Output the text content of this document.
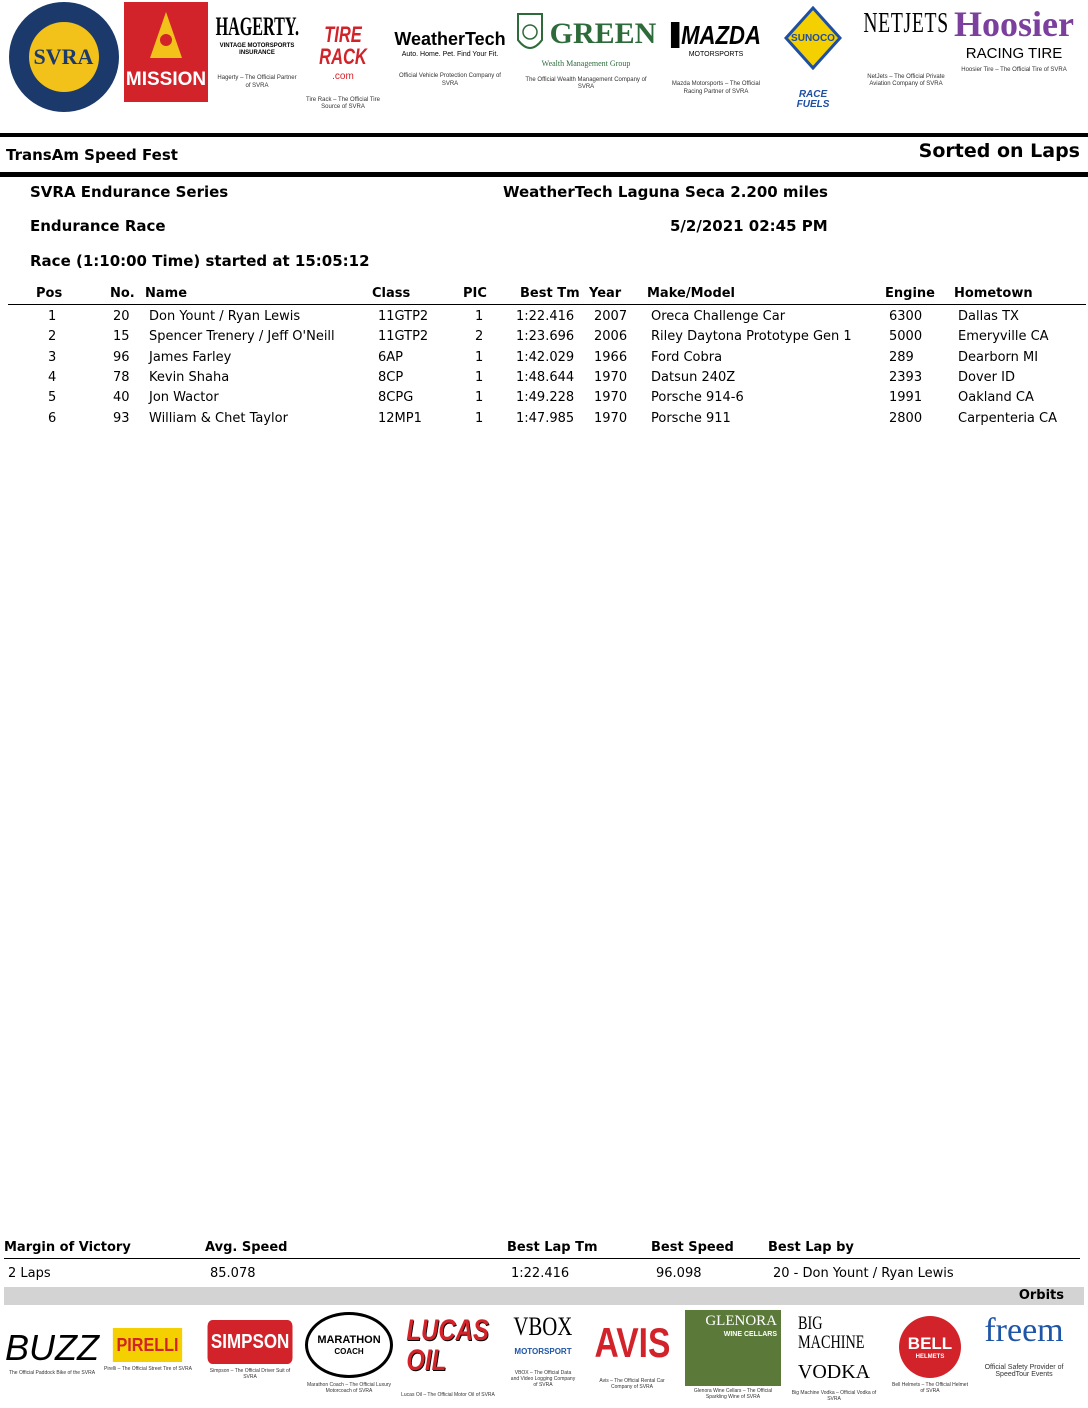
SVRA
MISSION
HAGERTY.
VINTAGE MOTORSPORTS INSURANCE
Hagerty – The Official Partner of SVRA
TIRE RACK
.com
Tire Rack – The Official Tire Source of SVRA
WeatherTech
Auto. Home. Pet. Find Your Fit.
Official Vehicle Protection Company of SVRA
GREEN
Wealth Management Group
The Official Wealth Management Company of SVRA
MAZDA
MOTORSPORTS
Mazda Motorsports – The Official Racing Partner of SVRA
SUNOCO
RACE FUELS
NETJETS
NetJets – The Official Private Aviation Company of SVRA
Hoosier
RACING TIRE
Hoosier Tire – The Official Tire of SVRA
TransAm Speed Fest	Sorted on Laps
SVRA Endurance Series	WeatherTech Laguna Seca 2.200 miles
Endurance Race	5/2/2021 02:45 PM
Race (1:10:00 Time) started at 15:05:12
Pos	No. Name	Class	PIC	Best Tm Year Make/Model	Engine Hometown
1	20 Don Yount / Ryan Lewis	11GTP2	1	1:22.416 2007 Oreca Challenge Car	6300	Dallas TX
2	15 Spencer Trenery / Jeff O'Neill	11GTP2	2	1:23.696 2006 Riley Daytona Prototype Gen 1	5000	Emeryville CA
3	96 James Farley	6AP	1	1:42.029 1966 Ford Cobra	289	Dearborn MI
4	78 Kevin Shaha	8CP	1	1:48.644 1970 Datsun 240Z	2393	Dover ID
5	40 Jon Wactor	8CPG	1	1:49.228 1970 Porsche 914-6	1991	Oakland CA
6	93 William & Chet Taylor	12MP1	1	1:47.985 1970 Porsche 911	2800	Carpenteria CA
Margin of Victory	Avg. Speed	Best Lap Tm	Best Speed	Best Lap by
2 Laps	85.078	1:22.416	96.098	20 - Don Yount / Ryan Lewis
Orbits
BUZZ
The Official Paddock Bike of the SVRA
PIRELLI
Pirelli – The Official Street Tire of SVRA
SIMPSON
Simpson – The Official Driver Suit of SVRA
MARATHON
COACH
Marathon Coach – The Official Luxury Motorcoach of SVRA
LUCAS OIL
Lucas Oil – The Official Motor Oil of SVRA
VBOX
MOTORSPORT
VBOX – The Official Data and Video Logging Company of SVRA
AVIS
Avis – The Official Rental Car Company of SVRA
GLENORA
WINE CELLARS
Glenora Wine Cellars – The Official Sparkling Wine of SVRA
BIG MACHINE
VODKA
Big Machine Vodka – Official Vodka of SVRA
BELL
HELMETS
Bell Helmets – The Official Helmet of SVRA
freem
Official Safety Provider of SpeedTour Events
